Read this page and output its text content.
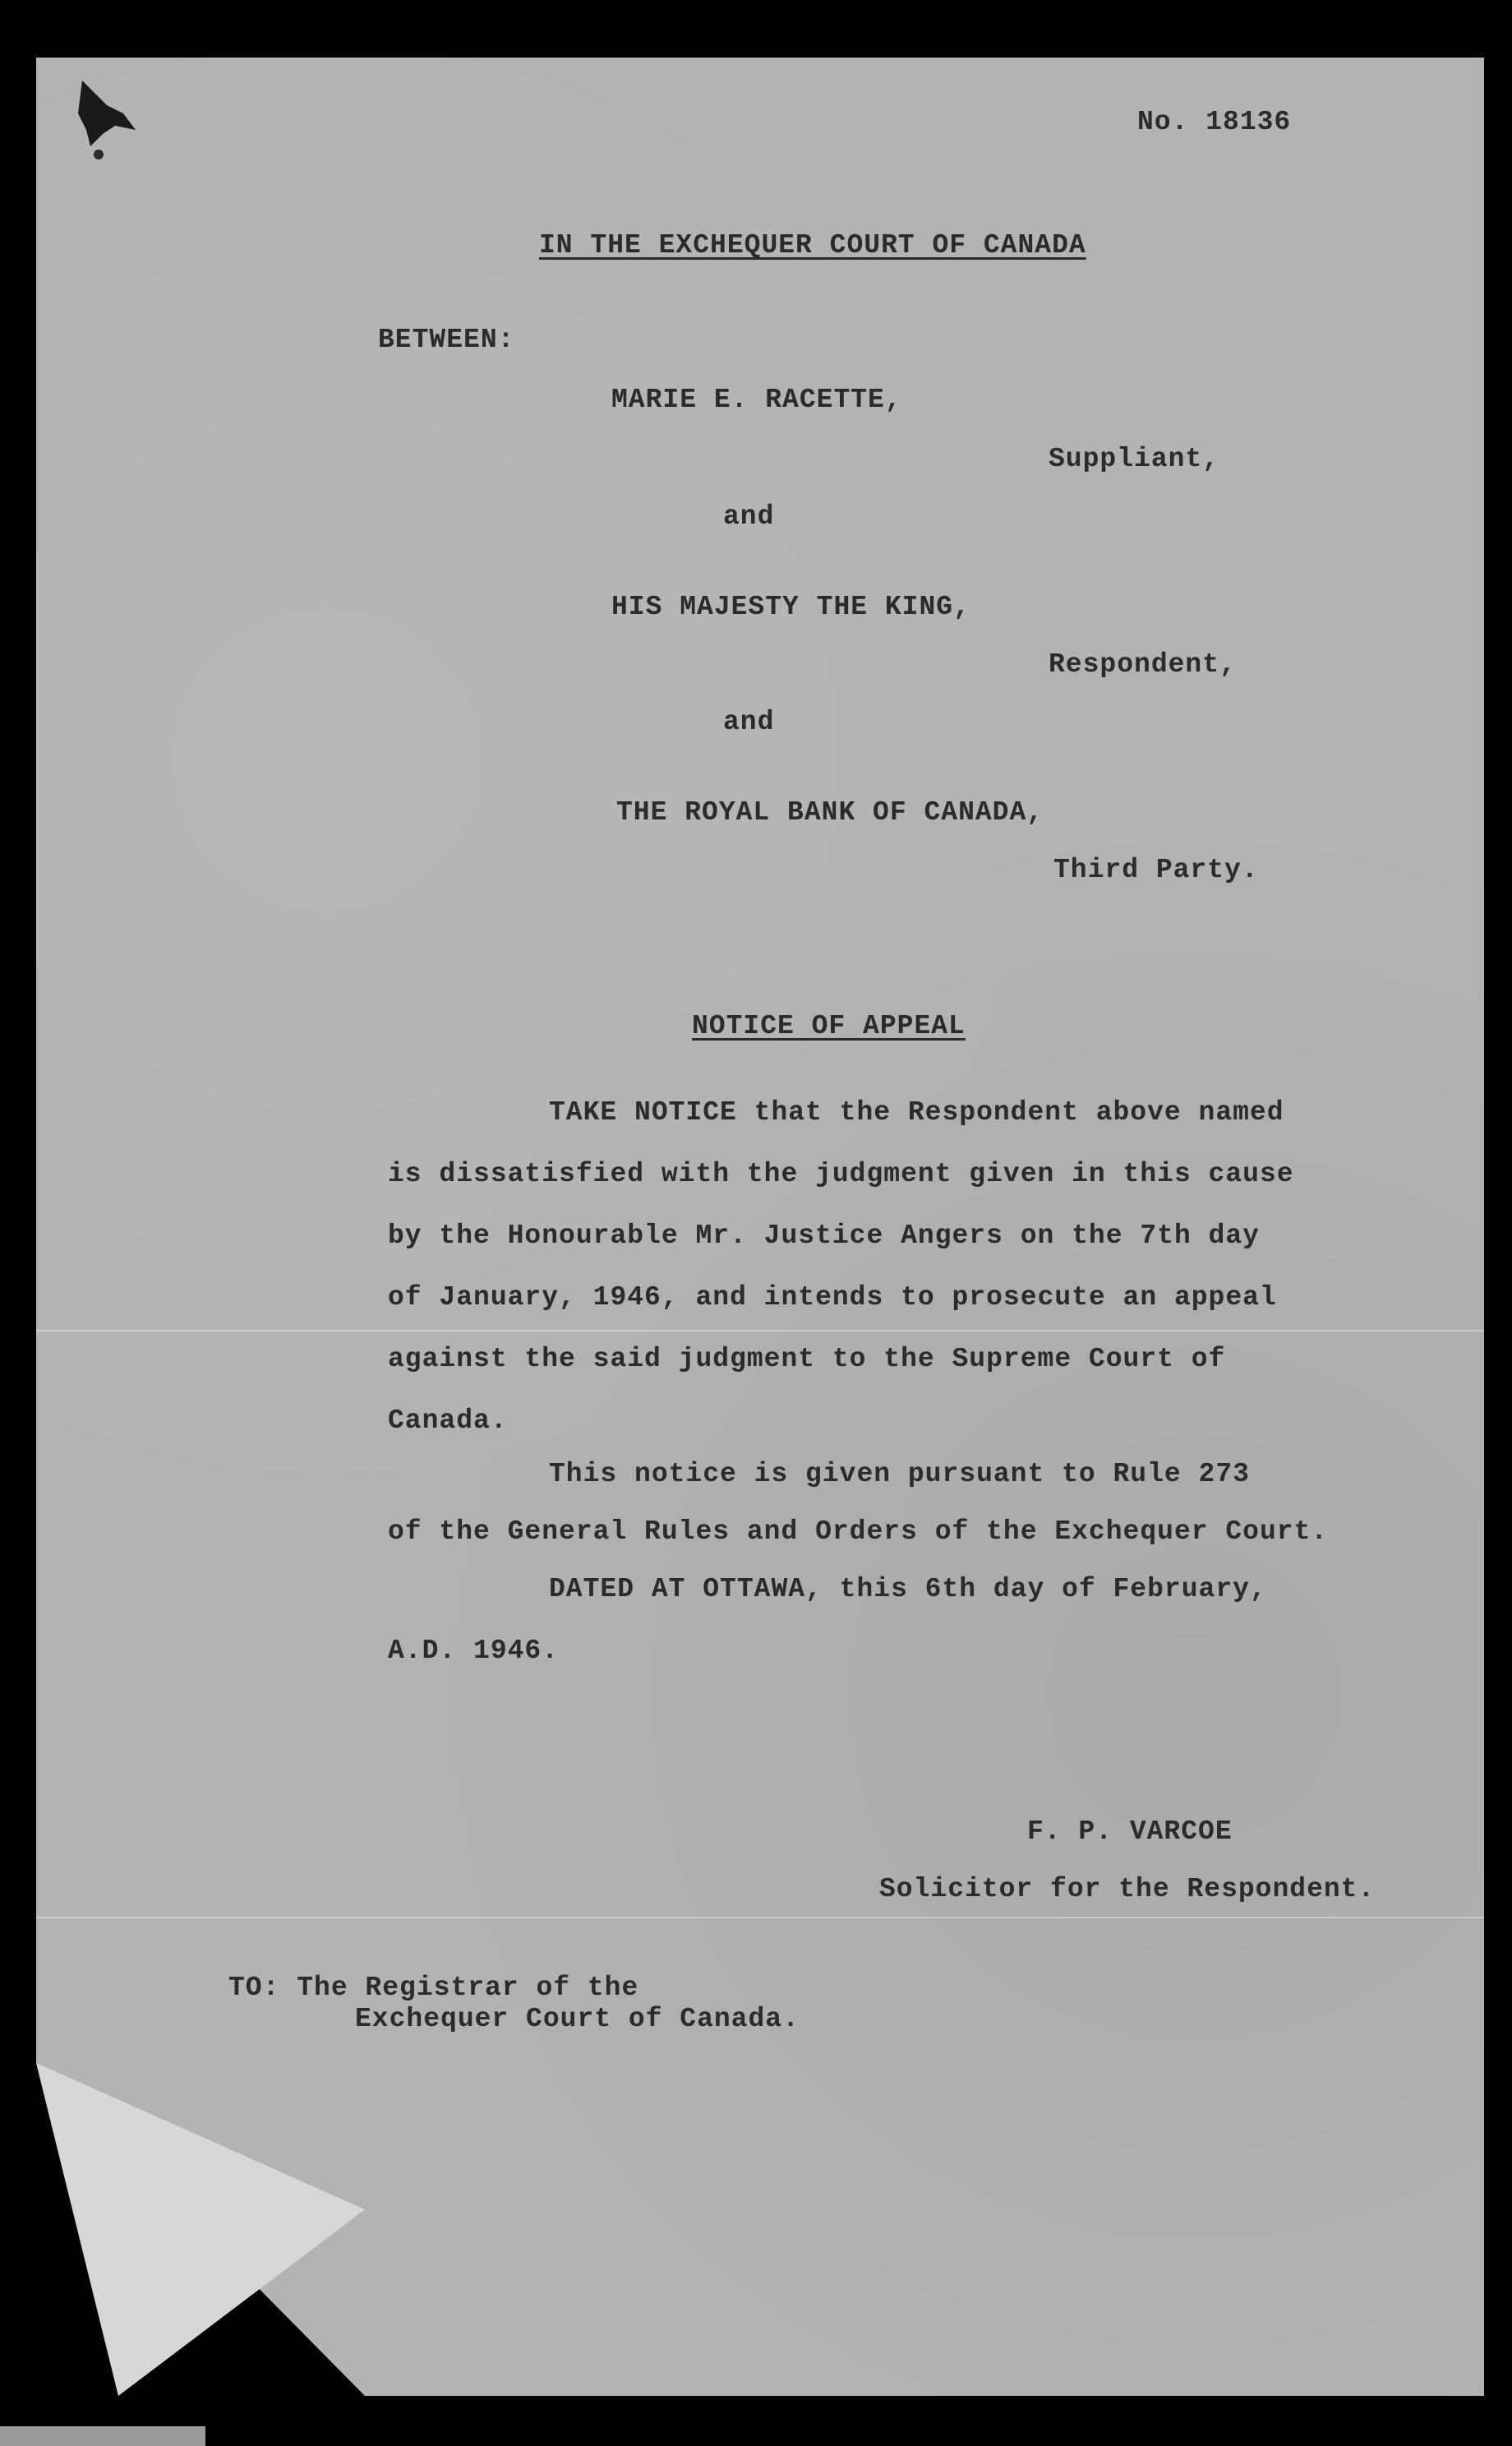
No. 18136
IN THE EXCHEQUER COURT OF CANADA
BETWEEN:
MARIE E. RACETTE,
Suppliant,
and
HIS MAJESTY THE KING,
Respondent,
and
THE ROYAL BANK OF CANADA,
Third Party.
NOTICE OF APPEAL
TAKE NOTICE that the Respondent above named
is dissatisfied with the judgment given in this cause
by the Honourable Mr. Justice Angers on the 7th day
of January, 1946, and intends to prosecute an appeal
against the said judgment to the Supreme Court of
Canada.
This notice is given pursuant to Rule 273
of the General Rules and Orders of the Exchequer Court.
DATED AT OTTAWA, this 6th day of February,
A.D. 1946.
F. P. VARCOE
Solicitor for the Respondent.
TO: The Registrar of the
Exchequer Court of Canada.
